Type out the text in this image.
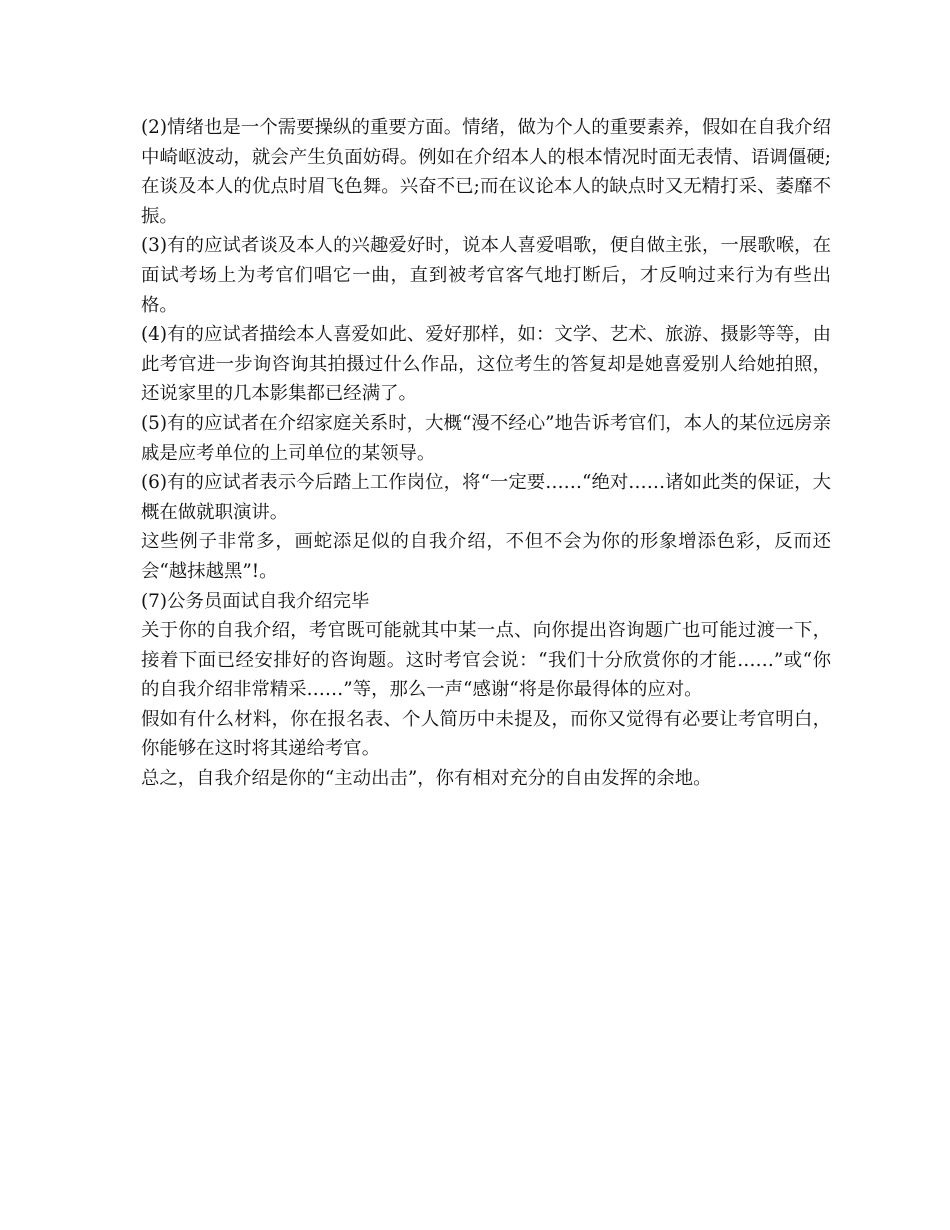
(2)情绪也是一个需要操纵的重要方面。情绪，做为个人的重要素养，假如在自我介绍中崎岖波动，就会产生负面妨碍。例如在介绍本人的根本情况时面无表情、语调僵硬;在谈及本人的优点时眉飞色舞。兴奋不已;而在议论本人的缺点时又无精打采、萎靡不振。

(3)有的应试者谈及本人的兴趣爱好时，说本人喜爱唱歌，便自做主张，一展歌喉，在面试考场上为考官们唱它一曲，直到被考官客气地打断后，才反响过来行为有些出格。

(4)有的应试者描绘本人喜爱如此、爱好那样，如：文学、艺术、旅游、摄影等等，由此考官进一步询咨询其拍摄过什么作品，这位考生的答复却是她喜爱别人给她拍照，还说家里的几本影集都已经满了。

(5)有的应试者在介绍家庭关系时，大概“漫不经心”地告诉考官们，本人的某位远房亲戚是应考单位的上司单位的某领导。

(6)有的应试者表示今后踏上工作岗位，将“一定要……“绝对……诸如此类的保证，大概在做就职演讲。

这些例子非常多，画蛇添足似的自我介绍，不但不会为你的形象增添色彩，反而还会“越抹越黑”!。

(7)公务员面试自我介绍完毕

关于你的自我介绍，考官既可能就其中某一点、向你提出咨询题广也可能过渡一下，接着下面已经安排好的咨询题。这时考官会说：“我们十分欣赏你的才能……”或“你的自我介绍非常精采……”等，那么一声“感谢“将是你最得体的应对。

假如有什么材料，你在报名表、个人简历中未提及，而你又觉得有必要让考官明白，你能够在这时将其递给考官。

总之，自我介绍是你的“主动出击”，你有相对充分的自由发挥的余地。
